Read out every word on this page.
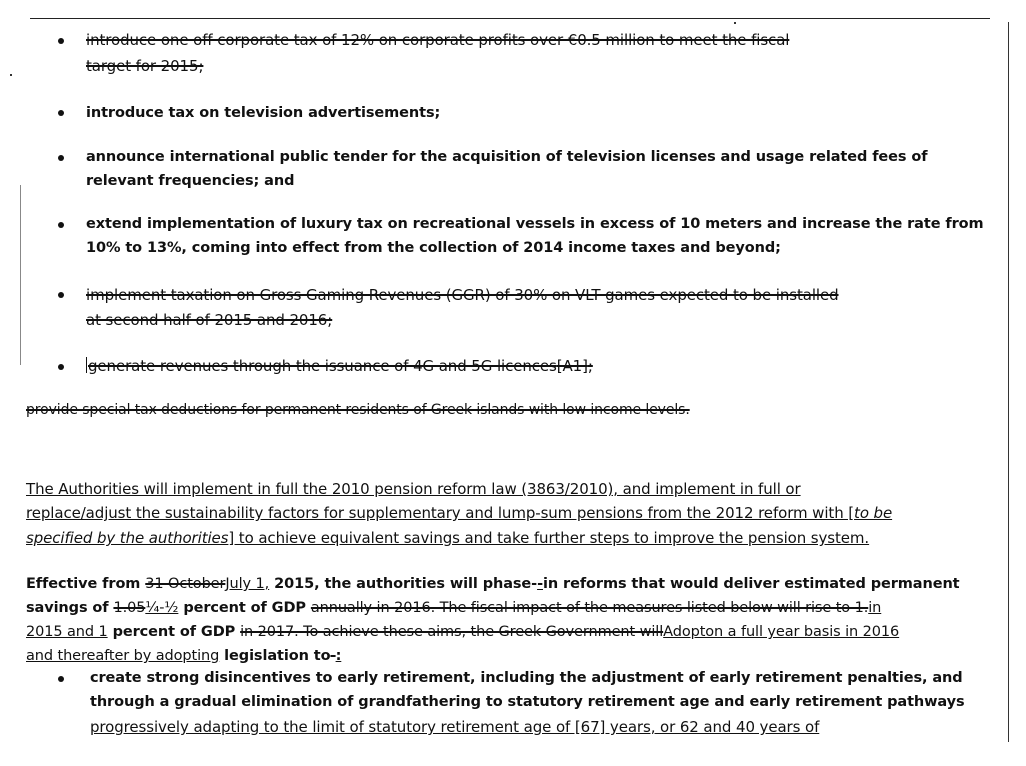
introduce one off corporate tax of 12% on corporate profits over €0.5 million to meet the fiscal
target for 2015;
introduce tax on television advertisements;
announce international public tender for the acquisition of television licenses and usage related fees of
relevant frequencies; and
extend implementation of luxury tax on recreational vessels in excess of 10 meters and increase the rate from
10% to 13%, coming into effect from the collection of 2014 income taxes and beyond;
implement taxation on Gross Gaming Revenues (GGR) of 30% on VLT games expected to be installed
at second half of 2015 and 2016;
generate revenues through the issuance of 4G and 5G licences[A1];
provide special tax deductions for permanent residents of Greek islands with low income levels.
The Authorities will implement in full the 2010 pension reform law (3863/2010), and implement in full or
replace/adjust the sustainability factors for supplementary and lump-sum pensions from the 2012 reform with [to be
specified by the authorities] to achieve equivalent savings and take further steps to improve the pension system.
Effective from 31 OctoberJuly 1, 2015, the authorities will phase--in reforms that would deliver estimated permanent
savings of 1.05¼-½ percent of GDP annually in 2016. The fiscal impact of the measures listed below will rise to 1.in
2015 and 1 percent of GDP in 2017. To achieve these aims, the Greek Government willAdopton a full year basis in 2016
and thereafter by adopting legislation to-:
create strong disincentives to early retirement, including the adjustment of early retirement penalties, and
through a gradual elimination of grandfathering to statutory retirement age and early retirement pathways
progressively adapting to the limit of statutory retirement age of [67] years, or 62 and 40 years of
